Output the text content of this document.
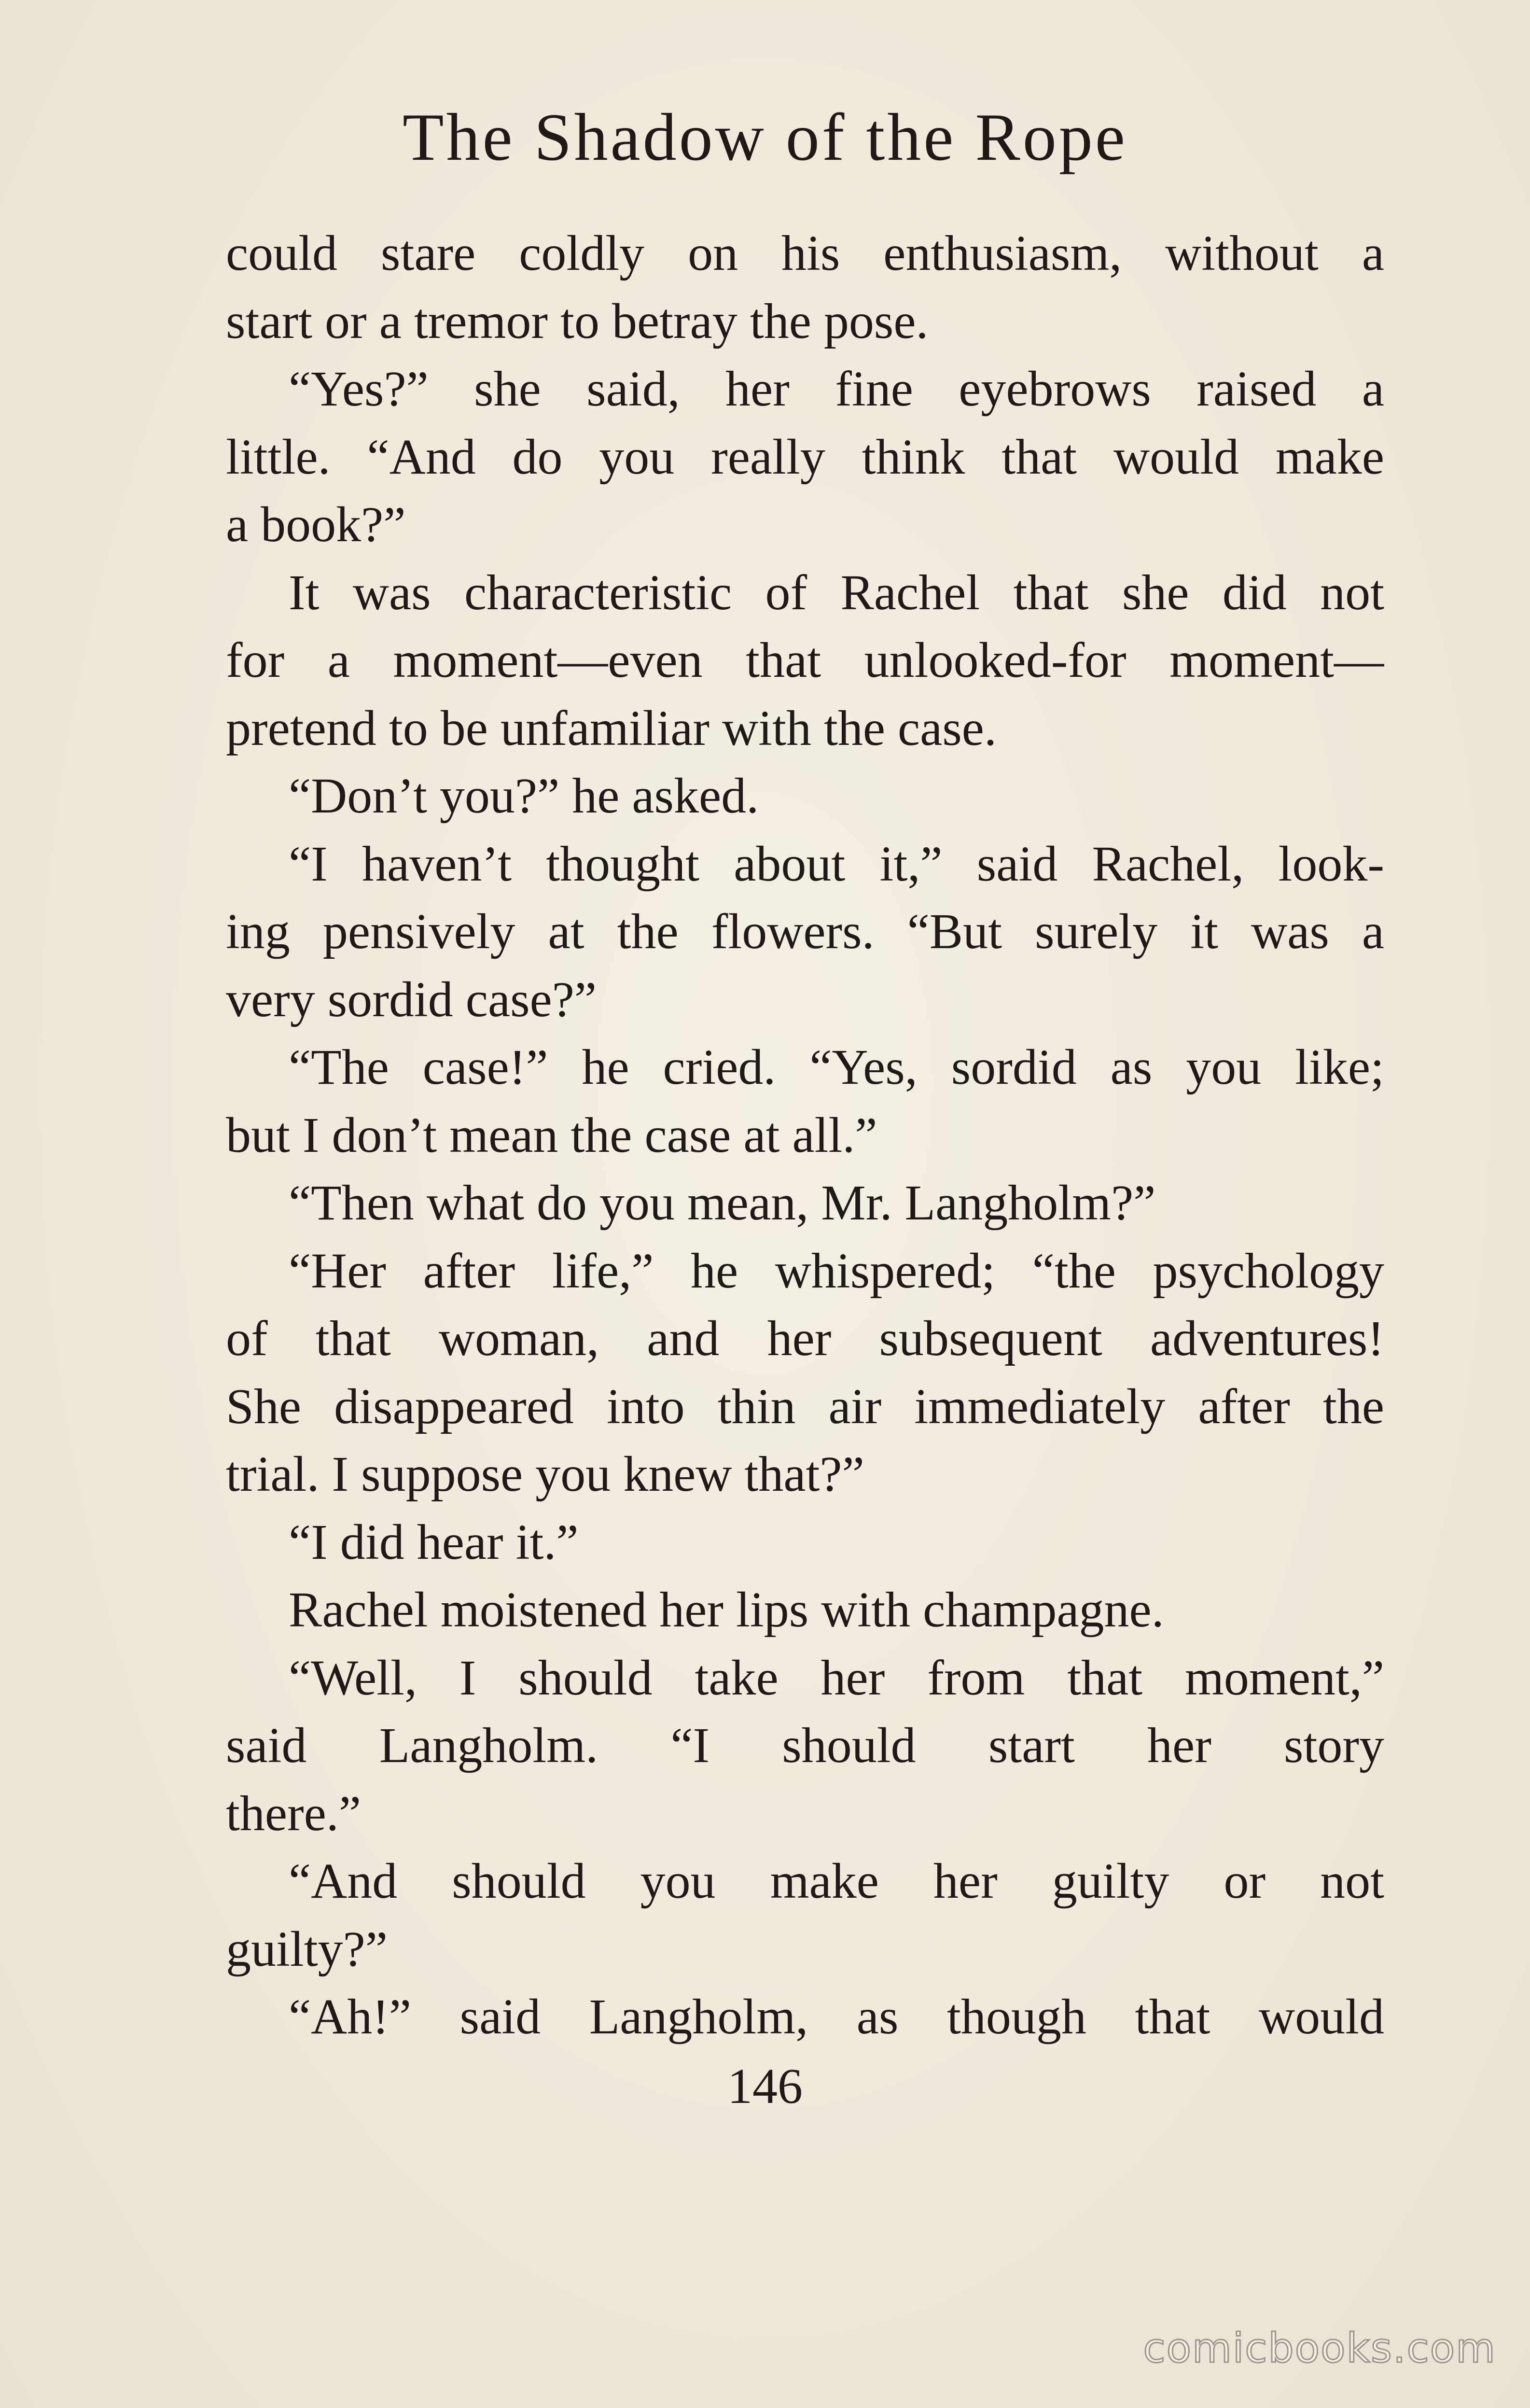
The Shadow of the Rope
could stare coldly on his enthusiasm, without a
start or a tremor to betray the pose.
“Yes?” she said, her fine eyebrows raised a
little. “And do you really think that would make
a book?”
It was characteristic of Rachel that she did not
for a moment—even that unlooked-for moment—
pretend to be unfamiliar with the case.
“Don’t you?” he asked.
“I haven’t thought about it,” said Rachel, look-
ing pensively at the flowers. “But surely it was a
very sordid case?”
“The case!” he cried. “Yes, sordid as you like;
but I don’t mean the case at all.”
“Then what do you mean, Mr. Langholm?”
“Her after life,” he whispered; “the psychology
of that woman, and her subsequent adventures!
She disappeared into thin air immediately after the
trial. I suppose you knew that?”
“I did hear it.”
Rachel moistened her lips with champagne.
“Well, I should take her from that moment,”
said Langholm. “I should start her story
there.”
“And should you make her guilty or not
guilty?”
“Ah!” said Langholm, as though that would
146
comicbooks.com
